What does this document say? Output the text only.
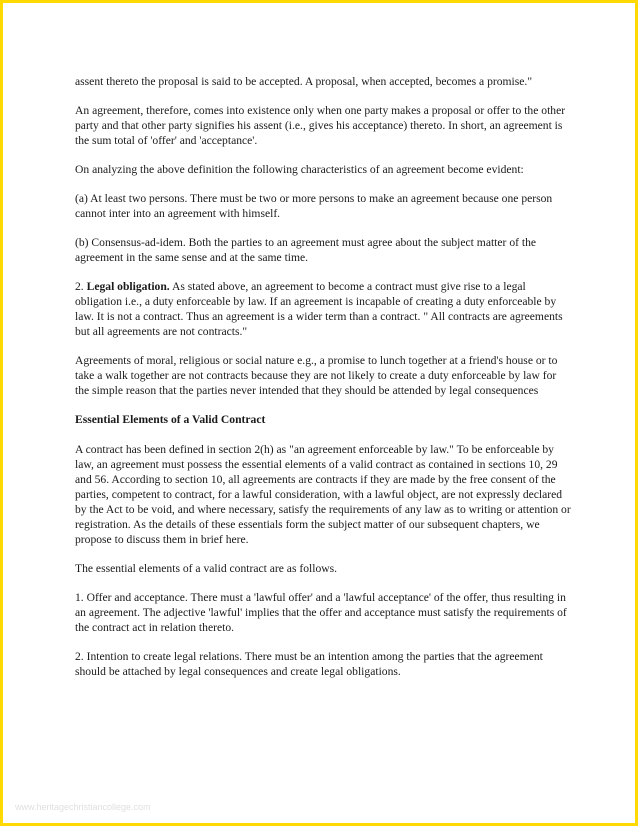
assent thereto the proposal is said to be accepted. A proposal, when accepted, becomes a promise."

An agreement, therefore, comes into existence only when one party makes a proposal or offer to the other party and that other party signifies his assent (i.e., gives his acceptance) thereto. In short, an agreement is the sum total of 'offer' and 'acceptance'.

On analyzing the above definition the following characteristics of an agreement become evident:

(a) At least two persons. There must be two or more persons to make an agreement because one person cannot inter into an agreement with himself.

(b) Consensus-ad-idem. Both the parties to an agreement must agree about the subject matter of the agreement in the same sense and at the same time.

2. Legal obligation. As stated above, an agreement to become a contract must give rise to a legal obligation i.e., a duty enforceable by law. If an agreement is incapable of creating a duty enforceable by law. It is not a contract. Thus an agreement is a wider term than a contract. " All contracts are agreements but all agreements are not contracts."

Agreements of moral, religious or social nature e.g., a promise to lunch together at a friend's house or to take a walk together are not contracts because they are not likely to create a duty enforceable by law for the simple reason that the parties never intended that they should be attended by legal consequences

Essential Elements of a Valid Contract

A contract has been defined in section 2(h) as "an agreement enforceable by law." To be enforceable by law, an agreement must possess the essential elements of a valid contract as contained in sections 10, 29 and 56. According to section 10, all agreements are contracts if they are made by the free consent of the parties, competent to contract, for a lawful consideration, with a lawful object, are not expressly declared by the Act to be void, and where necessary, satisfy the requirements of any law as to writing or attention or registration. As the details of these essentials form the subject matter of our subsequent chapters, we propose to discuss them in brief here.

The essential elements of a valid contract are as follows.

1. Offer and acceptance. There must a 'lawful offer' and a 'lawful acceptance' of the offer, thus resulting in an agreement. The adjective 'lawful' implies that the offer and acceptance must satisfy the requirements of the contract act in relation thereto.

2. Intention to create legal relations. There must be an intention among the parties that the agreement should be attached by legal consequences and create legal obligations.

www.heritagechristiancollege.com
